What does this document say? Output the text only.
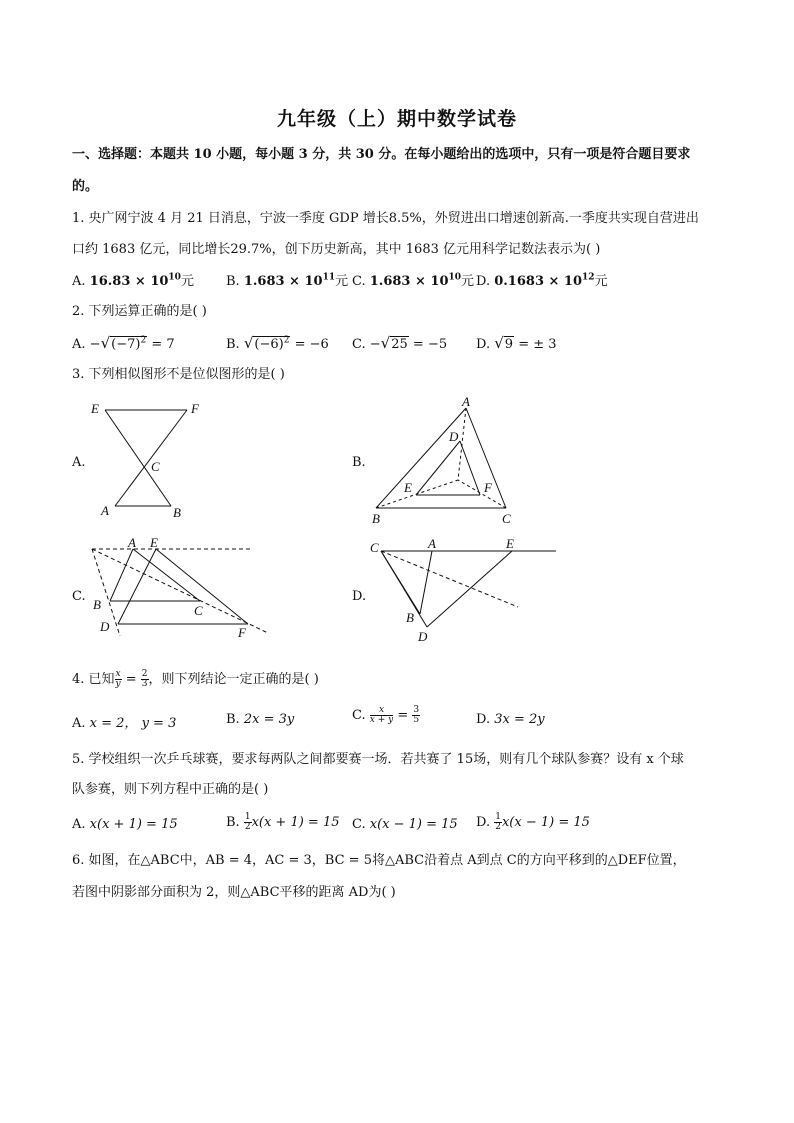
九年级（上）期中数学试卷
一、选择题：本题共 10 小题，每小题 3 分，共 30 分。在每小题给出的选项中，只有一项是符合题目要求
的。
1. 央广网宁波 4 月 21 日消息，宁波一季度 GDP 增长8.5%，外贸进出口增速创新高.一季度共实现自营进出
口约 1683 亿元，同比增长29.7%，创下历史新高，其中 1683 亿元用科学记数法表示为( )
A. $16.83 \times 10^{10}$元 B. $1.683 \times 10^{11}$元 C. $1.683 \times 10^{10}$元 D. $0.1683 \times 10^{12}$元
2. 下列运算正确的是( )
A. $-√(-7)^2 = 7$	B. $√(-6)^2 = -6$ C. −√25 = −5 D. √9 = ± 3
3. 下列相似图形不是位似图形的是( )
A.	B.
C.	D.
E	F
C
A	B
A
D
E	F
B	C
A E
B	C
D	F
C	A	E
B
D
4. 已知 $\frac{x}{y} = \frac{2}{3}$ ，则下列结论一定正确的是( )
A. x = 2， y = 3	B. 2x = 3y	C. $\frac{x}{x + y} = \frac{3}{5}$	D. 3x = 2y
5. 学校组织一次乒乓球赛，要求每两队之间都要赛一场．若共赛了 15场，则有几个球队参赛？设有 x 个球
队参赛，则下列方程中正确的是( )
A. x(x + 1) = 15	B. $\frac{1}{2} x(x + 1) = 15$ C. x(x − 1) = 15 D. $\frac{1}{2} x(x - 1) = 15$
6. 如图，在△ABC中，AB = 4，AC = 3，BC = 5将△ABC沿着点 A到点 C的方向平移到的△DEF位置，
若图中阴影部分面积为 2，则△ABC平移的距离 AD为( )
